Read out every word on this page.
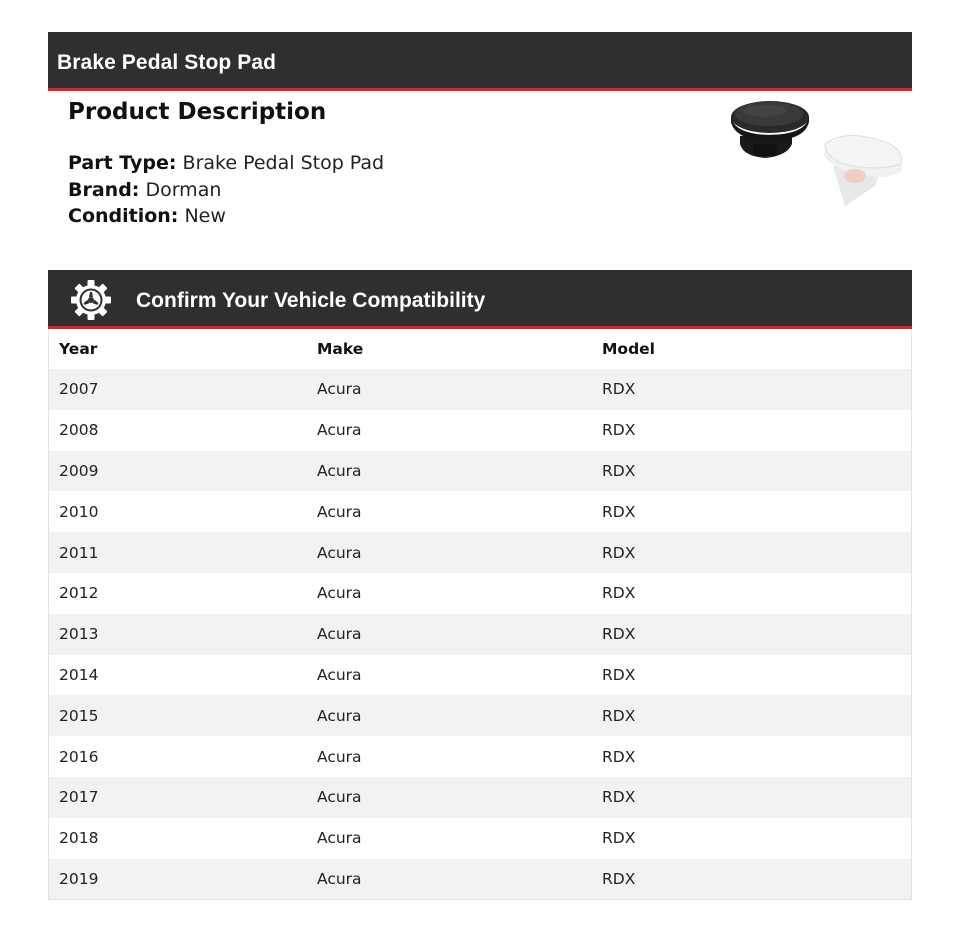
Brake Pedal Stop Pad
Product Description
Part Type: Brake Pedal Stop Pad
Brand: Dorman
Condition: New
Confirm Your Vehicle Compatibility
Year	Make	Model
2007	Acura	RDX
2008	Acura	RDX
2009	Acura	RDX
2010	Acura	RDX
2011	Acura	RDX
2012	Acura	RDX
2013	Acura	RDX
2014	Acura	RDX
2015	Acura	RDX
2016	Acura	RDX
2017	Acura	RDX
2018	Acura	RDX
2019	Acura	RDX
